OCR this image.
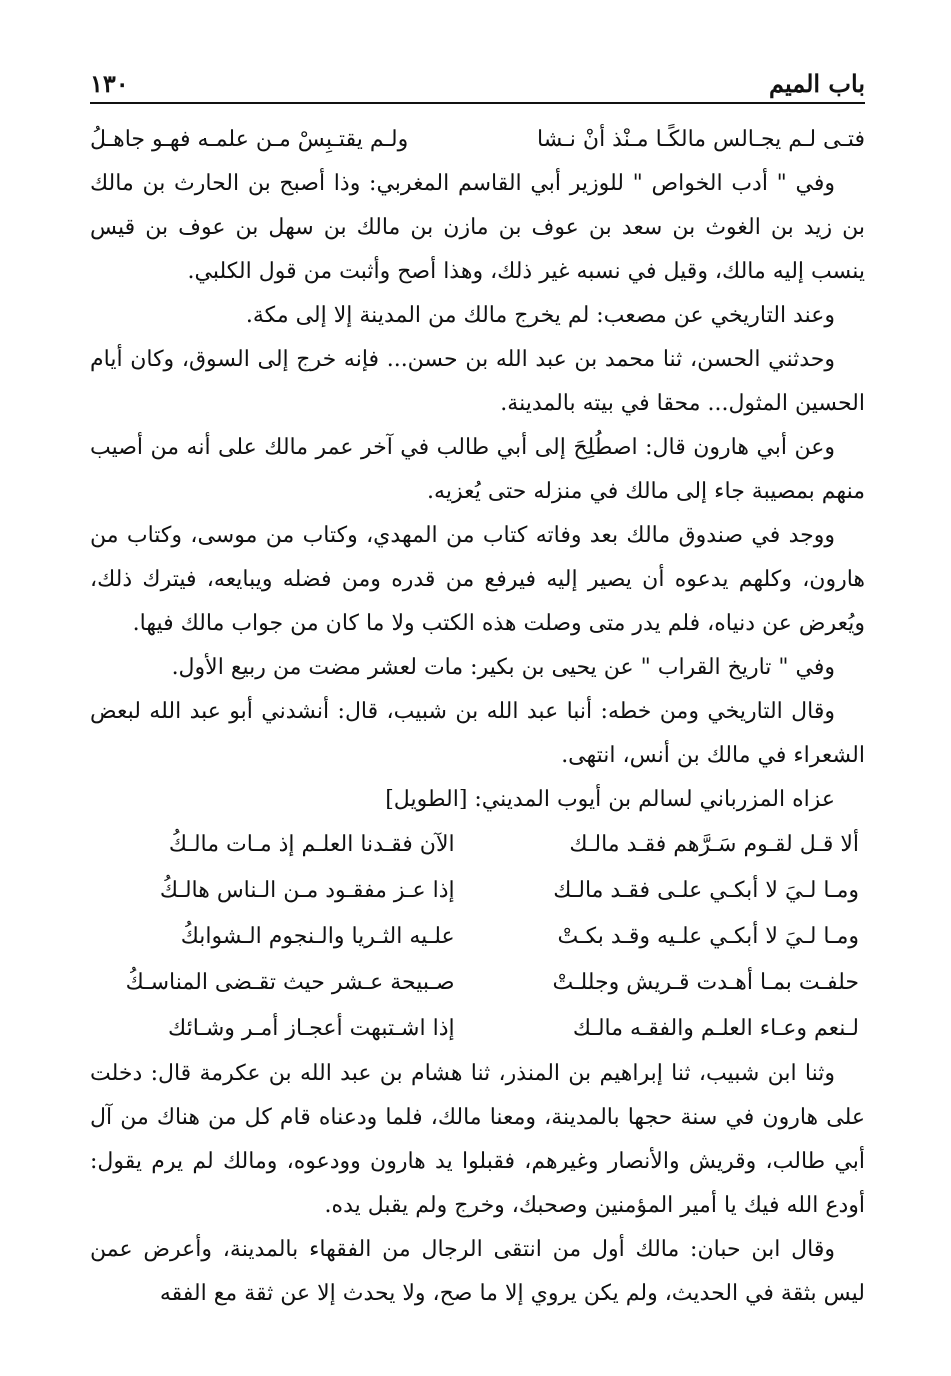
باب الميم
١٣٠
فتـى لـم يجـالس مالكًـا مـنْذ أنْ نـشا
ولـم يقتـبِسْ مـن علمـه فهـو جاهـلُ

وفي " أدب الخواص " للوزير أبي القاسم المغربي: وذا أصبح بن الحارث بن مالك بن زيد بن الغوث بن سعد بن عوف بن مازن بن مالك بن سهل بن عوف بن قيس ينسب إليه مالك، وقيل في نسبه غير ذلك، وهذا أصح وأثبت من قول الكلبي.

وعند التاريخي عن مصعب: لم يخرج مالك من المدينة إلا إلى مكة.

وحدثني الحسن، ثنا محمد بن عبد الله بن حسن... فإنه خرج إلى السوق، وكان أيام الحسين المثول... محقا في بيته بالمدينة.

وعن أبي هارون قال: اصطُلِحَ إلى أبي طالب في آخر عمر مالك على أنه من أصيب منهم بمصيبة جاء إلى مالك في منزله حتى يُعزيه.

ووجد في صندوق مالك بعد وفاته كتاب من المهدي، وكتاب من موسى، وكتاب من هارون، وكلهم يدعوه أن يصير إليه فيرفع من قدره ومن فضله ويبايعه، فيترك ذلك، ويُعرض عن دنياه، فلم يدر متى وصلت هذه الكتب ولا ما كان من جواب مالك فيها.

وفي " تاريخ القراب " عن يحيى بن بكير: مات لعشر مضت من ربيع الأول.

وقال التاريخي ومن خطه: أنبا عبد الله بن شبيب، قال: أنشدني أبو عبد الله لبعض الشعراء في مالك بن أنس، انتهى.

عزاه المزرباني لسالم بن أيوب المديني: [الطويل]

ألا قـل لقـوم سَـرَّهم فقـد مالـك
الآن فقـدنا العلـم إذ مـات مالـكُ
ومـا لـيَ لا أبكـي علـى فقـد مالـك
إذا عـز مفقـود مـن الـناس هالـكُ
ومـا لـيَ لا أبكـي علـيه وقـد بكـتْ
علـيه الثـريا والـنجوم الـشوابكُ
حلفـت بمـا أهـدت قـريش وجللـتْ
صـبيحة عـشر حيث تقـضى المناسـكُ
لـنعم وعـاء العلـم والفقـه مالـك
إذا اشـتبهت أعجـاز أمـر وشـائك

وثنا ابن شبيب، ثنا إبراهيم بن المنذر، ثنا هشام بن عبد الله بن عكرمة قال: دخلت على هارون في سنة حجها بالمدينة، ومعنا مالك، فلما ودعناه قام كل من هناك من آل أبي طالب، وقريش والأنصار وغيرهم، فقبلوا يد هارون وودعوه، ومالك لم يرم يقول: أودع الله فيك يا أمير المؤمنين وصحبك، وخرج ولم يقبل يده.

وقال ابن حبان: مالك أول من انتقى الرجال من الفقهاء بالمدينة، وأعرض عمن ليس بثقة في الحديث، ولم يكن يروي إلا ما صح، ولا يحدث إلا عن ثقة مع الفقه
